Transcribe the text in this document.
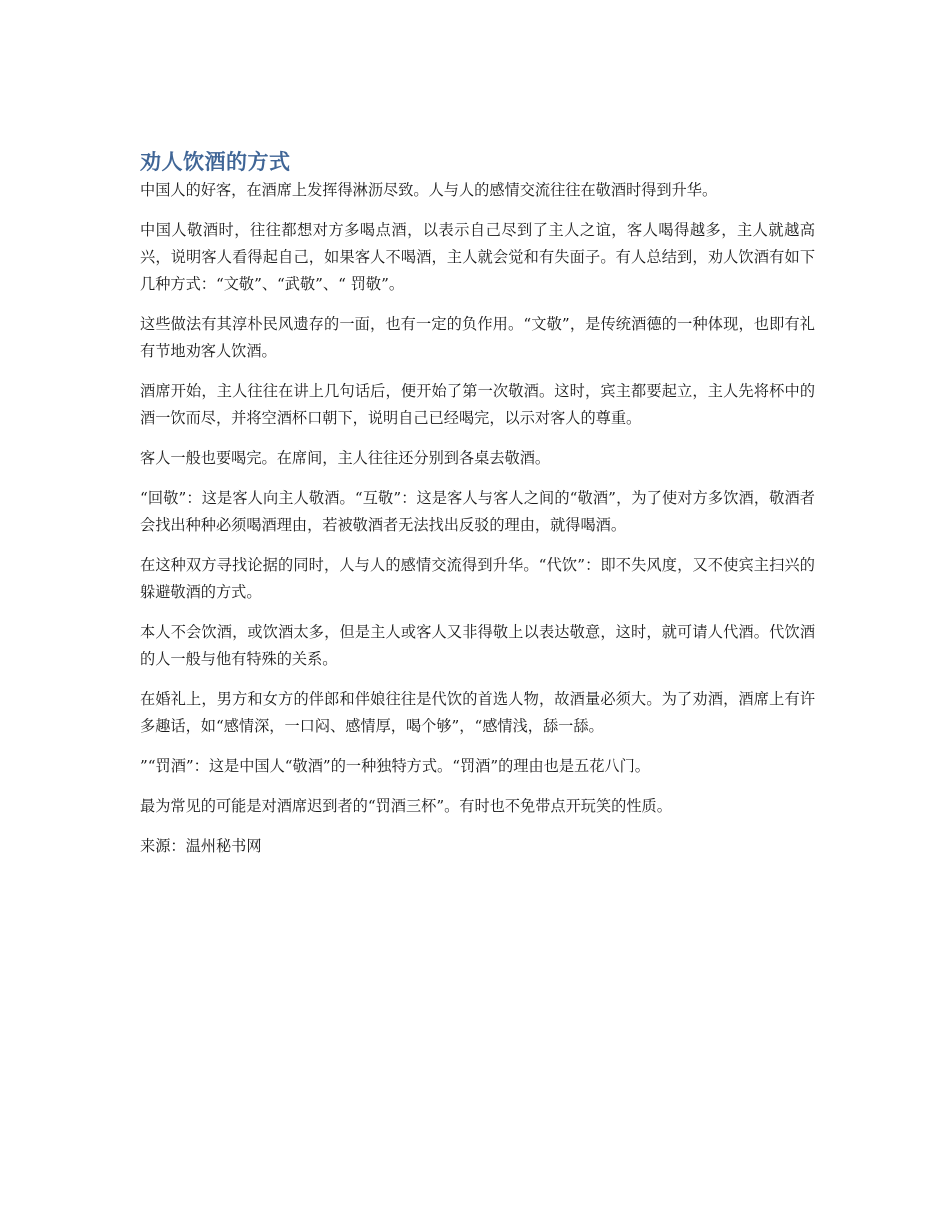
劝人饮酒的方式

中国人的好客，在酒席上发挥得淋沥尽致。人与人的感情交流往往在敬酒时得到升华。

中国人敬酒时，往往都想对方多喝点酒，以表示自己尽到了主人之谊，客人喝得越多，主人就越高兴，说明客人看得起自己，如果客人不喝酒，主人就会觉和有失面子。有人总结到，劝人饮酒有如下几种方式：“文敬”、“武敬”、“ 罚敬”。

这些做法有其淳朴民风遗存的一面，也有一定的负作用。“文敬”，是传统酒德的一种体现，也即有礼有节地劝客人饮酒。

酒席开始，主人往往在讲上几句话后，便开始了第一次敬酒。这时，宾主都要起立，主人先将杯中的酒一饮而尽，并将空酒杯口朝下，说明自己已经喝完，以示对客人的尊重。

客人一般也要喝完。在席间，主人往往还分别到各桌去敬酒。

“回敬”：这是客人向主人敬酒。“互敬”：这是客人与客人之间的“敬酒”，为了使对方多饮酒，敬酒者会找出种种必须喝酒理由，若被敬酒者无法找出反驳的理由，就得喝酒。

在这种双方寻找论据的同时，人与人的感情交流得到升华。“代饮”：即不失风度，又不使宾主扫兴的躲避敬酒的方式。

本人不会饮酒，或饮酒太多，但是主人或客人又非得敬上以表达敬意，这时，就可请人代酒。代饮酒的人一般与他有特殊的关系。

在婚礼上，男方和女方的伴郎和伴娘往往是代饮的首选人物，故酒量必须大。为了劝酒，酒席上有许多趣话，如“感情深，一口闷、感情厚，喝个够”，“感情浅，舔一舔。

”“罚酒”：这是中国人“敬酒”的一种独特方式。“罚酒”的理由也是五花八门。

最为常见的可能是对酒席迟到者的“罚酒三杯”。有时也不免带点开玩笑的性质。

来源：温州秘书网
